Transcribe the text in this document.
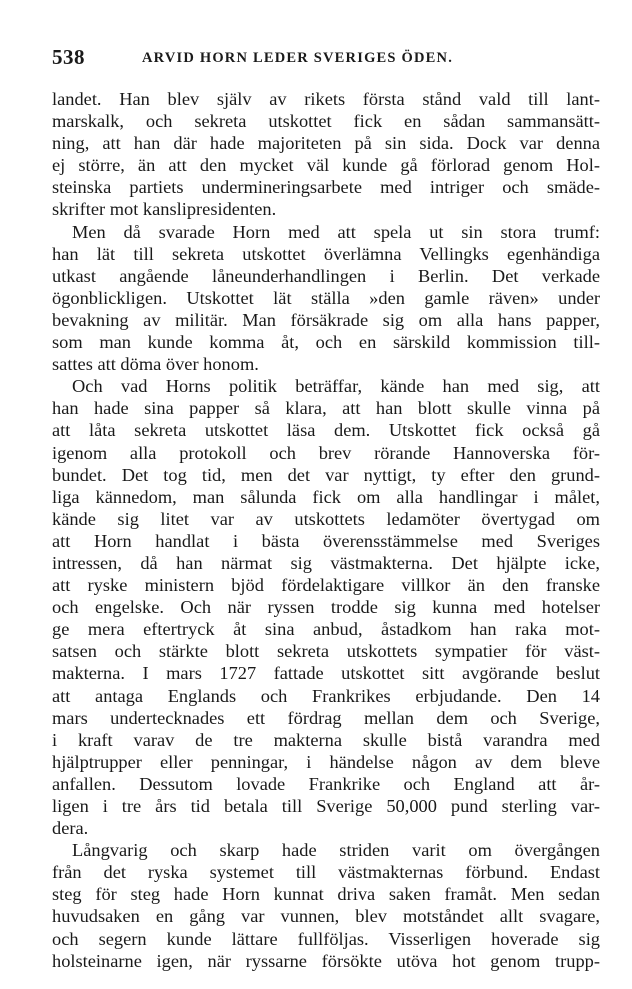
538	ARVID HORN LEDER SVERIGES ÖDEN.
landet. Han blev själv av rikets första stånd vald till lant-
marskalk, och sekreta utskottet fick en sådan sammansätt-
ning, att han där hade majoriteten på sin sida. Dock var denna
ej större, än att den mycket väl kunde gå förlorad genom Hol-
steinska partiets undermineringsarbete med intriger och smäde-
skrifter mot kanslipresidenten.
Men då svarade Horn med att spela ut sin stora trumf:
han lät till sekreta utskottet överlämna Vellingks egenhändiga
utkast angående låneunderhandlingen i Berlin. Det verkade
ögonblickligen. Utskottet lät ställa »den gamle räven» under
bevakning av militär. Man försäkrade sig om alla hans papper,
som man kunde komma åt, och en särskild kommission till-
sattes att döma över honom.
Och vad Horns politik beträffar, kände han med sig, att
han hade sina papper så klara, att han blott skulle vinna på
att låta sekreta utskottet läsa dem. Utskottet fick också gå
igenom alla protokoll och brev rörande Hannoverska för-
bundet. Det tog tid, men det var nyttigt, ty efter den grund-
liga kännedom, man sålunda fick om alla handlingar i målet,
kände sig litet var av utskottets ledamöter övertygad om
att Horn handlat i bästa överensstämmelse med Sveriges
intressen, då han närmat sig västmakterna. Det hjälpte icke,
att ryske ministern bjöd fördelaktigare villkor än den franske
och engelske. Och när ryssen trodde sig kunna med hotelser
ge mera eftertryck åt sina anbud, åstadkom han raka mot-
satsen och stärkte blott sekreta utskottets sympatier för väst-
makterna. I mars 1727 fattade utskottet sitt avgörande beslut
att antaga Englands och Frankrikes erbjudande. Den 14
mars undertecknades ett fördrag mellan dem och Sverige,
i kraft varav de tre makterna skulle bistå varandra med
hjälptrupper eller penningar, i händelse någon av dem bleve
anfallen. Dessutom lovade Frankrike och England att år-
ligen i tre års tid betala till Sverige 50,000 pund sterling var-
dera.
Långvarig och skarp hade striden varit om övergången
från det ryska systemet till västmakternas förbund. Endast
steg för steg hade Horn kunnat driva saken framåt. Men sedan
huvudsaken en gång var vunnen, blev motståndet allt svagare,
och segern kunde lättare fullföljas. Visserligen hoverade sig
holsteinarne igen, när ryssarne försökte utöva hot genom trupp-
